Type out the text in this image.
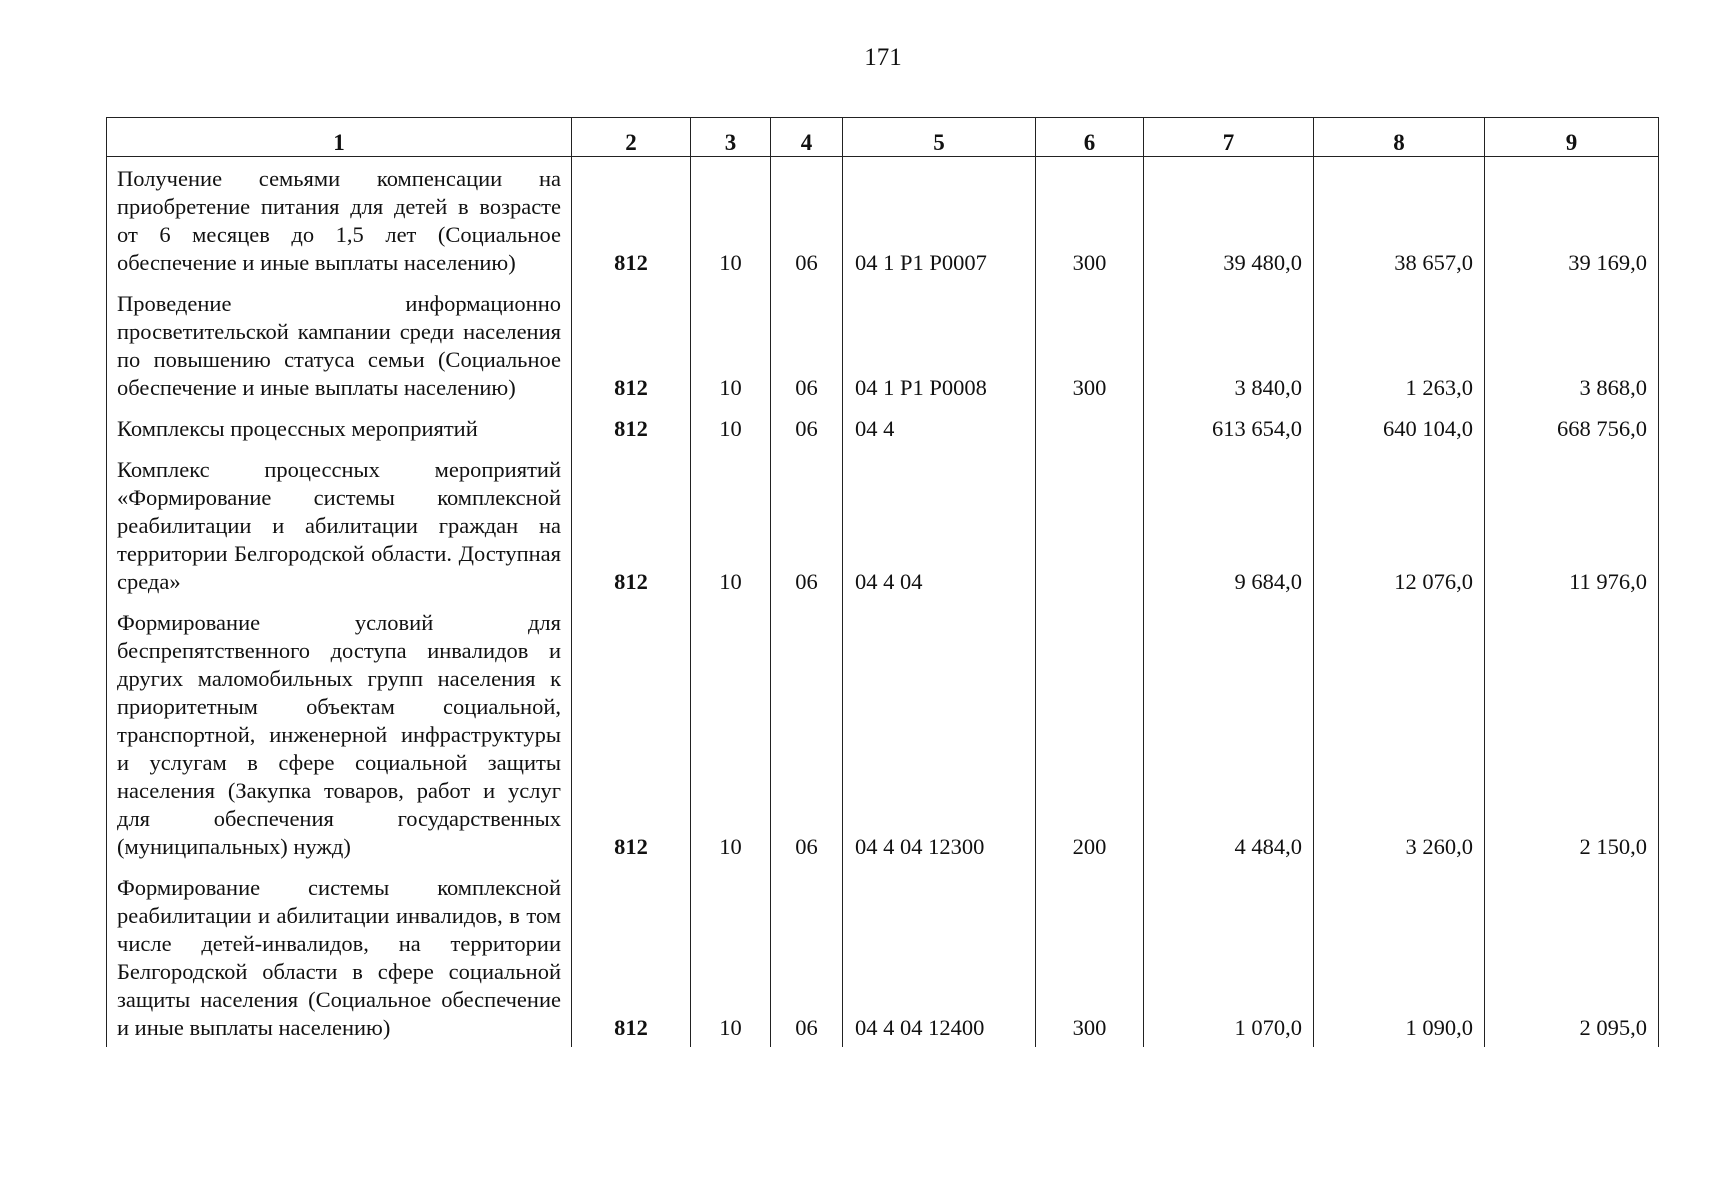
171
1	2	3	4	5	6	7	8	9
Получение семьями компенсации на приобретение питания для детей в возрасте от 6 месяцев до 1,5 лет (Социальное обеспечение и иные выплаты населению)	812	10	06	04 1 P1 P0007	300	39 480,0	38 657,0	39 169,0
Проведение информационно просветительской кампании среди населения по повышению статуса семьи (Социальное обеспечение и иные выплаты населению)	812	10	06	04 1 P1 P0008	300	3 840,0	1 263,0	3 868,0
Комплексы процессных мероприятий	812	10	06	04 4		613 654,0	640 104,0	668 756,0
Комплекс процессных мероприятий «Формирование системы комплексной реабилитации и абилитации граждан на территории Белгородской области. Доступная среда»	812	10	06	04 4 04		9 684,0	12 076,0	11 976,0
Формирование условий для беспрепятственного доступа инвалидов и других маломобильных групп населения к приоритетным объектам социальной, транспортной, инженерной инфраструктуры и услугам в сфере социальной защиты населения (Закупка товаров, работ и услуг для обеспечения государственных (муниципальных) нужд)	812	10	06	04 4 04 12300	200	4 484,0	3 260,0	2 150,0
Формирование системы комплексной реабилитации и абилитации инвалидов, в том числе детей-инвалидов, на территории Белгородской области в сфере социальной защиты населения (Социальное обеспечение и иные выплаты населению)	812	10	06	04 4 04 12400	300	1 070,0	1 090,0	2 095,0
